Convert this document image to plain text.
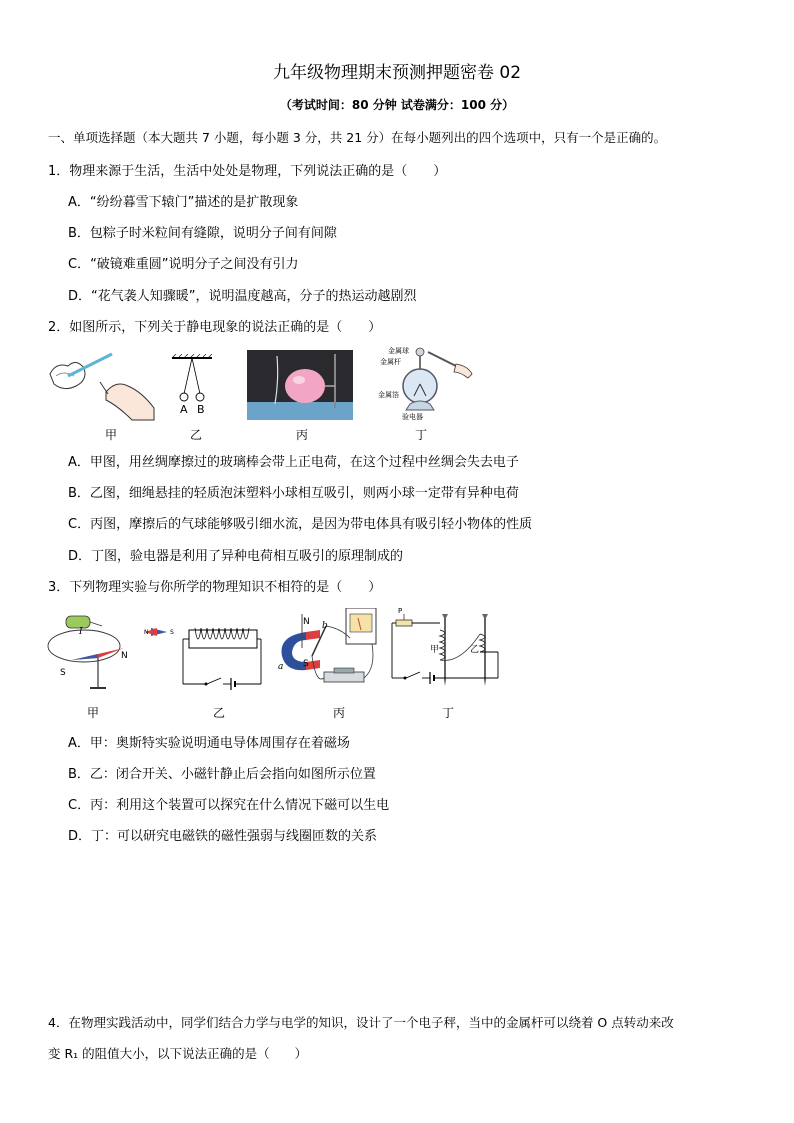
九年级物理期末预测押题密卷 02
（考试时间：80 分钟 试卷满分：100 分）
一、单项选择题（本大题共 7 小题，每小题 3 分，共 21 分）在每小题列出的四个选项中，只有一个是正确的。
1．物理来源于生活，生活中处处是物理，下列说法正确的是（　　）
A．“纷纷暮雪下辕门”描述的是扩散现象
B．包粽子时米粒间有缝隙，说明分子间有间隙
C．“破镜难重圆”说明分子之间没有引力
D．“花气袭人知骤暖”，说明温度越高，分子的热运动越剧烈
2．如图所示，下列关于静电现象的说法正确的是（　　）
甲
A B
乙	丙
金属球
金属杆
金属箔
验电器
丁
A．甲图，用丝绸摩擦过的玻璃棒会带上正电荷，在这个过程中丝绸会失去电子
B．乙图，细绳悬挂的轻质泡沫塑料小球相互吸引，则两小球一定带有异种电荷
C．丙图，摩擦后的气球能够吸引细水流，是因为带电体具有吸引轻小物体的性质
D．丁图，验电器是利用了异种电荷相互吸引的原理制成的
3．下列物理实验与你所学的物理知识不相符的是（　　）
I
S
N
甲
N	S
乙
N
S
b
a
丙
P
甲	乙
丁
A．甲：奥斯特实验说明通电导体周围存在着磁场
B．乙：闭合开关、小磁针静止后会指向如图所示位置
C．丙：利用这个装置可以探究在什么情况下磁可以生电
D．丁：可以研究电磁铁的磁性强弱与线圈匝数的关系
4．在物理实践活动中，同学们结合力学与电学的知识，设计了一个电子秤，当中的金属杆可以绕着 O 点转动来改
变 R₁ 的阻值大小，以下说法正确的是（　　）
